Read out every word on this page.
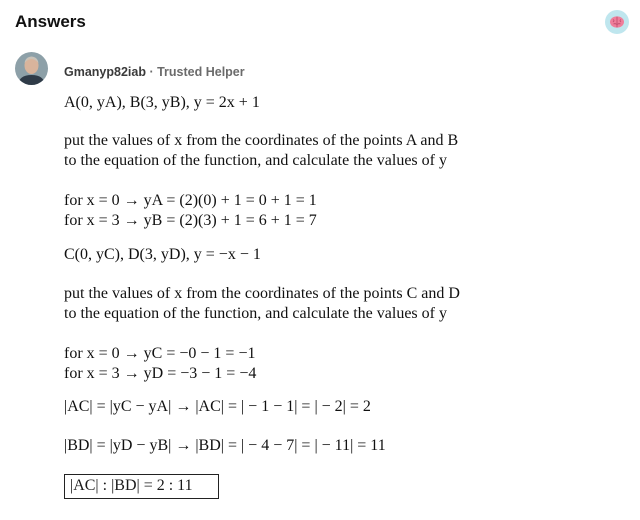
Answers
Gmanyp82iab · Trusted Helper
A(0, yA), B(3, yB), y = 2x + 1
put the values of x from the coordinates of the points A and B
to the equation of the function, and calculate the values of y
for x = 0 → yA = (2)(0) + 1 = 0 + 1 = 1
for x = 3 → yB = (2)(3) + 1 = 6 + 1 = 7
C(0, yC), D(3, yD), y = −x − 1
put the values of x from the coordinates of the points C and D
to the equation of the function, and calculate the values of y
for x = 0 → yC = −0 − 1 = −1
for x = 3 → yD = −3 − 1 = −4
|AC| = |yC − yA| → |AC| = | − 1 − 1| = | − 2| = 2
|BD| = |yD − yB| → |BD| = | − 4 − 7| = | − 11| = 11
|AC| : |BD| = 2 : 11
